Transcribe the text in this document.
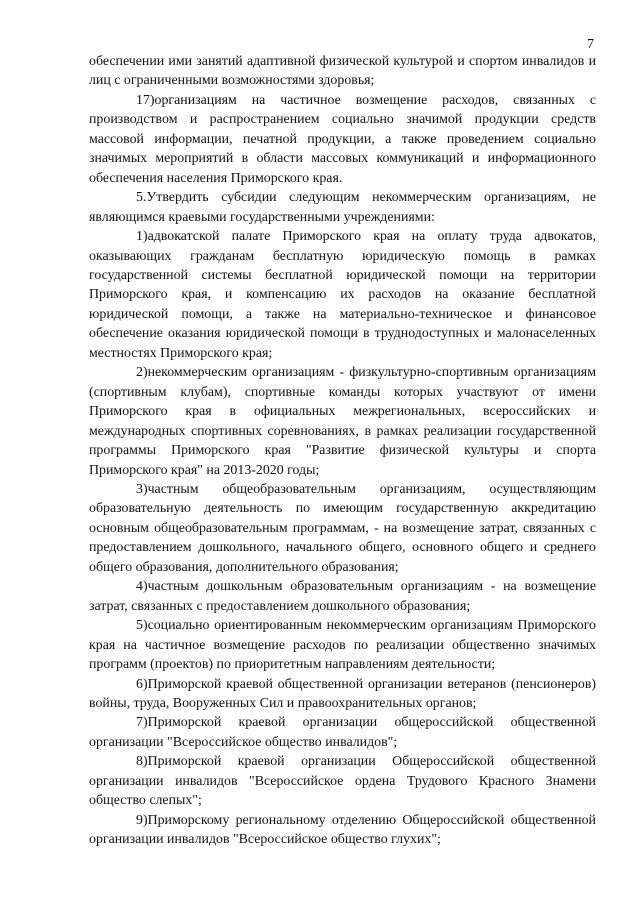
7

обеспечении ими занятий адаптивной физической культурой и спортом инвалидов и лиц с ограниченными возможностями здоровья;

17)организациям на частичное возмещение расходов, связанных с производством и распространением социально значимой продукции средств массовой информации, печатной продукции, а также проведением социально значимых мероприятий в области массовых коммуникаций и информационного обеспечения населения Приморского края.

5.Утвердить субсидии следующим некоммерческим организациям, не являющимся краевыми государственными учреждениями:

1)адвокатской палате Приморского края на оплату труда адвокатов, оказывающих гражданам бесплатную юридическую помощь в рамках государственной системы бесплатной юридической помощи на территории Приморского края, и компенсацию их расходов на оказание бесплатной юридической помощи, а также на материально-техническое и финансовое обеспечение оказания юридической помощи в труднодоступных и малонаселенных местностях Приморского края;

2)некоммерческим организациям - физкультурно-спортивным организациям (спортивным клубам), спортивные команды которых участвуют от имени Приморского края в официальных межрегиональных, всероссийских и международных спортивных соревнованиях, в рамках реализации государственной программы Приморского края "Развитие физической культуры и спорта Приморского края" на 2013-2020 годы;

3)частным общеобразовательным организациям, осуществляющим образовательную деятельность по имеющим государственную аккредитацию основным общеобразовательным программам, - на возмещение затрат, связанных с предоставлением дошкольного, начального общего, основного общего и среднего общего образования, дополнительного образования;

4)частным дошкольным образовательным организациям - на возмещение затрат, связанных с предоставлением дошкольного образования;

5)социально ориентированным некоммерческим организациям Приморского края на частичное возмещение расходов по реализации общественно значимых программ (проектов) по приоритетным направлениям деятельности;

6)Приморской краевой общественной организации ветеранов (пенсионеров) войны, труда, Вооруженных Сил и правоохранительных органов;

7)Приморской краевой организации общероссийской общественной организации "Всероссийское общество инвалидов";

8)Приморской краевой организации Общероссийской общественной организации инвалидов "Всероссийское ордена Трудового Красного Знамени общество слепых";

9)Приморскому региональному отделению Общероссийской общественной организации инвалидов "Всероссийское общество глухих";
